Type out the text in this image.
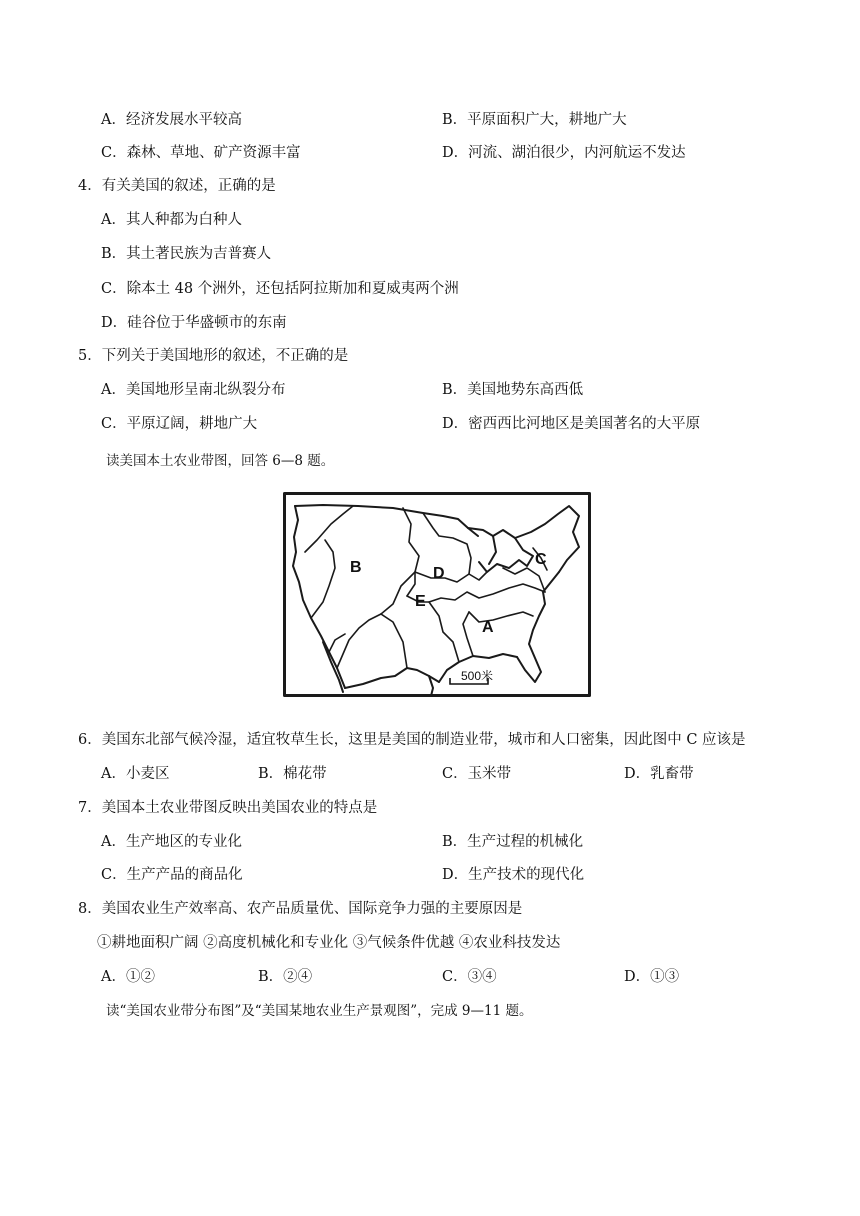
A．经济发展水平较高	B．平原面积广大，耕地广大
C．森林、草地、矿产资源丰富	D．河流、湖泊很少，内河航运不发达
4．有关美国的叙述，正确的是
A．其人种都为白种人
B．其土著民族为吉普赛人
C．除本土 48 个洲外，还包括阿拉斯加和夏威夷两个洲
D．硅谷位于华盛顿市的东南
5．下列关于美国地形的叙述，不正确的是
A．美国地形呈南北纵裂分布	B．美国地势东高西低
C．平原辽阔，耕地广大	D．密西西比河地区是美国著名的大平原
读美国本土农业带图，回答 6—8 题。
A
B	C
D
E
500米
6．美国东北部气候冷湿，适宜牧草生长，这里是美国的制造业带，城市和人口密集，因此图中 C 应该是
A．小麦区	B．棉花带	C．玉米带	D．乳畜带
7．美国本土农业带图反映出美国农业的特点是
A．生产地区的专业化	B．生产过程的机械化
C．生产产品的商品化	D．生产技术的现代化
8．美国农业生产效率高、农产品质量优、国际竞争力强的主要原因是
①耕地面积广阔 ②高度机械化和专业化 ③气候条件优越 ④农业科技发达
A．①②	B．②④	C．③④	D．①③
读“美国农业带分布图”及“美国某地农业生产景观图”，完成 9—11 题。
